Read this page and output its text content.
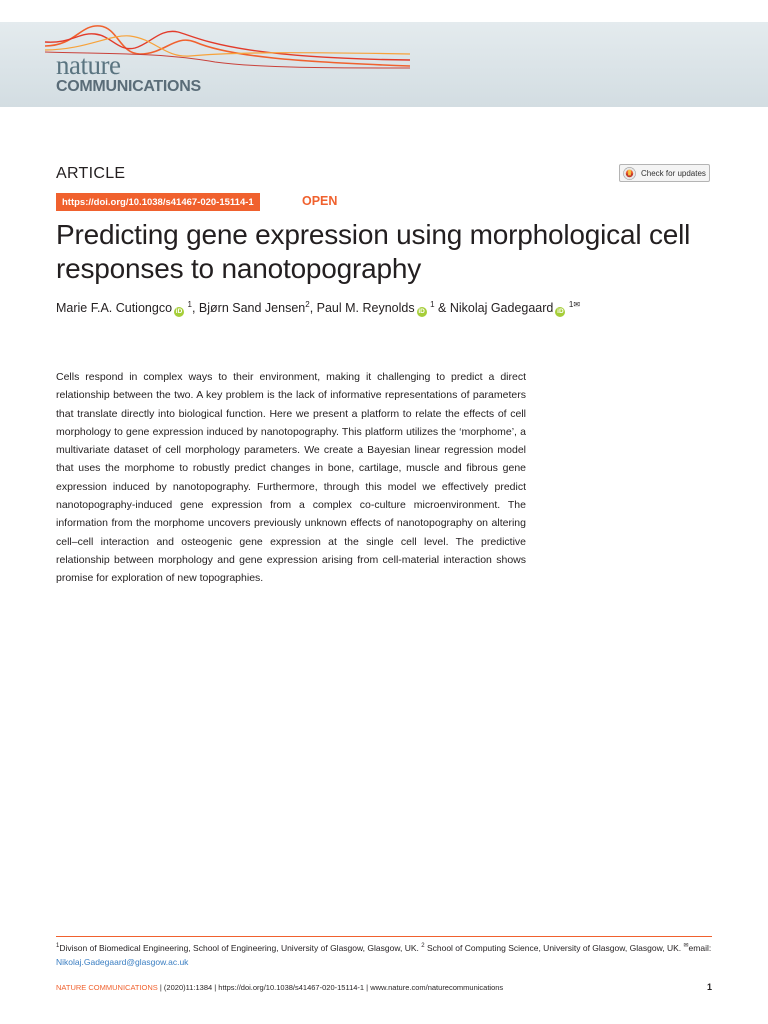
nature
COMMUNICATIONS
ARTICLE	Check for updates
https://doi.org/10.1038/s41467-020-15114-1	OPEN
Predicting gene expression using morphological cell responses to nanotopography
Marie F.A. Cutiongco iD $^1$, Bjørn Sand Jensen$^2$, Paul M. Reynolds iD $^1$ & Nikolaj Gadegaard iD $^{1✉}$

Cells respond in complex ways to their environment, making it challenging to predict a direct relationship between the two. A key problem is the lack of informative representations of parameters that translate directly into biological function. Here we present a platform to relate the effects of cell morphology to gene expression induced by nanotopography. This platform utilizes the ‘morphome’, a multivariate dataset of cell morphology parameters. We create a Bayesian linear regression model that uses the morphome to robustly predict changes in bone, cartilage, muscle and fibrous gene expression induced by nanotopography. Furthermore, through this model we effectively predict nanotopography-induced gene expression from a complex co-culture microenvironment. The information from the morphome uncovers previously unknown effects of nanotopography on altering cell–cell interaction and osteogenic gene expression at the single cell level. The predictive relationship between morphology and gene expression arising from cell-material interaction shows promise for exploration of new topographies.

$^1$Divison of Biomedical Engineering, School of Engineering, University of Glasgow, Glasgow, UK. $^2$ School of Computing Science, University of Glasgow, Glasgow, UK. ✉email: Nikolaj.Gadegaard@glasgow.ac.uk
NATURE COMMUNICATIONS | (2020)11:1384 | https://doi.org/10.1038/s41467-020-15114-1 | www.nature.com/naturecommunications	1
